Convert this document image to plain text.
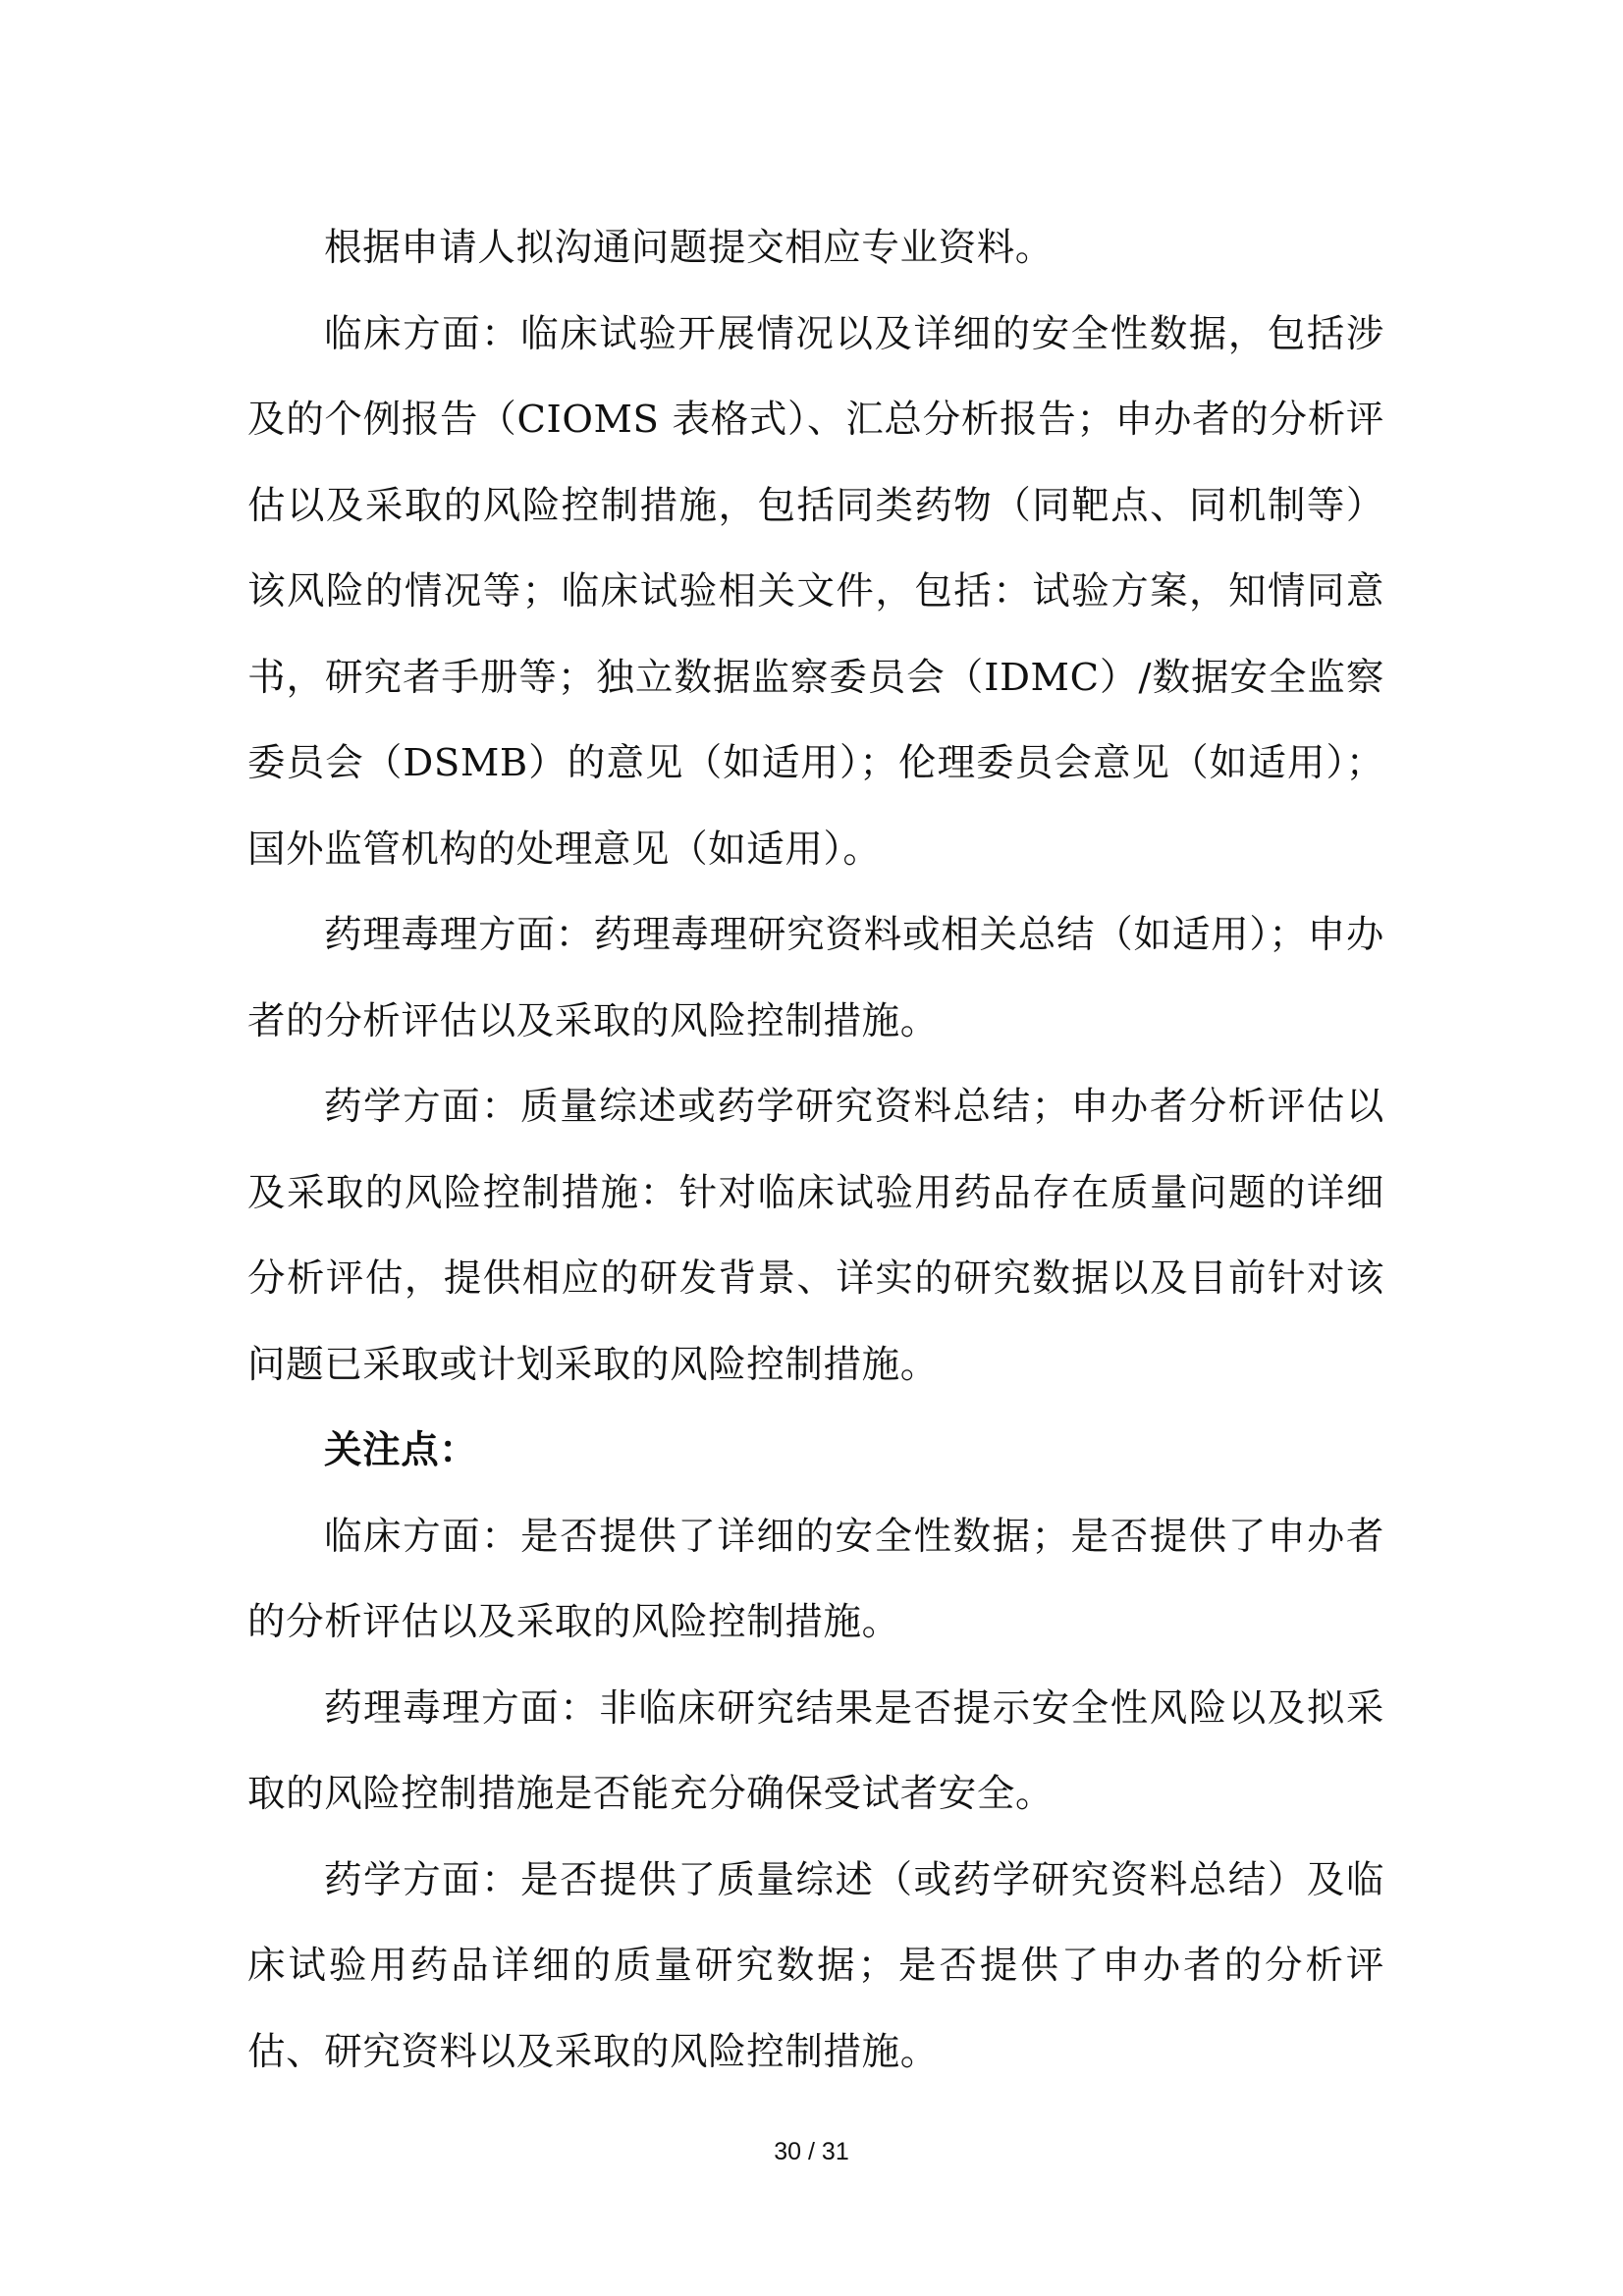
根据申请人拟沟通问题提交相应专业资料。

临床方面：临床试验开展情况以及详细的安全性数据，包括涉及的个例报告（CIOMS 表格式）、汇总分析报告；申办者的分析评估以及采取的风险控制措施，包括同类药物（同靶点、同机制等）该风险的情况等；临床试验相关文件，包括：试验方案，知情同意书，研究者手册等；独立数据监察委员会（IDMC）/数据安全监察委员会（DSMB）的意见（如适用）；伦理委员会意见（如适用）；国外监管机构的处理意见（如适用）。

药理毒理方面：药理毒理研究资料或相关总结（如适用）；申办者的分析评估以及采取的风险控制措施。

药学方面：质量综述或药学研究资料总结；申办者分析评估以及采取的风险控制措施：针对临床试验用药品存在质量问题的详细分析评估，提供相应的研发背景、详实的研究数据以及目前针对该问题已采取或计划采取的风险控制措施。

关注点：

临床方面：是否提供了详细的安全性数据；是否提供了申办者的分析评估以及采取的风险控制措施。

药理毒理方面：非临床研究结果是否提示安全性风险以及拟采取的风险控制措施是否能充分确保受试者安全。

药学方面：是否提供了质量综述（或药学研究资料总结）及临床试验用药品详细的质量研究数据；是否提供了申办者的分析评估、研究资料以及采取的风险控制措施。

30 / 31
